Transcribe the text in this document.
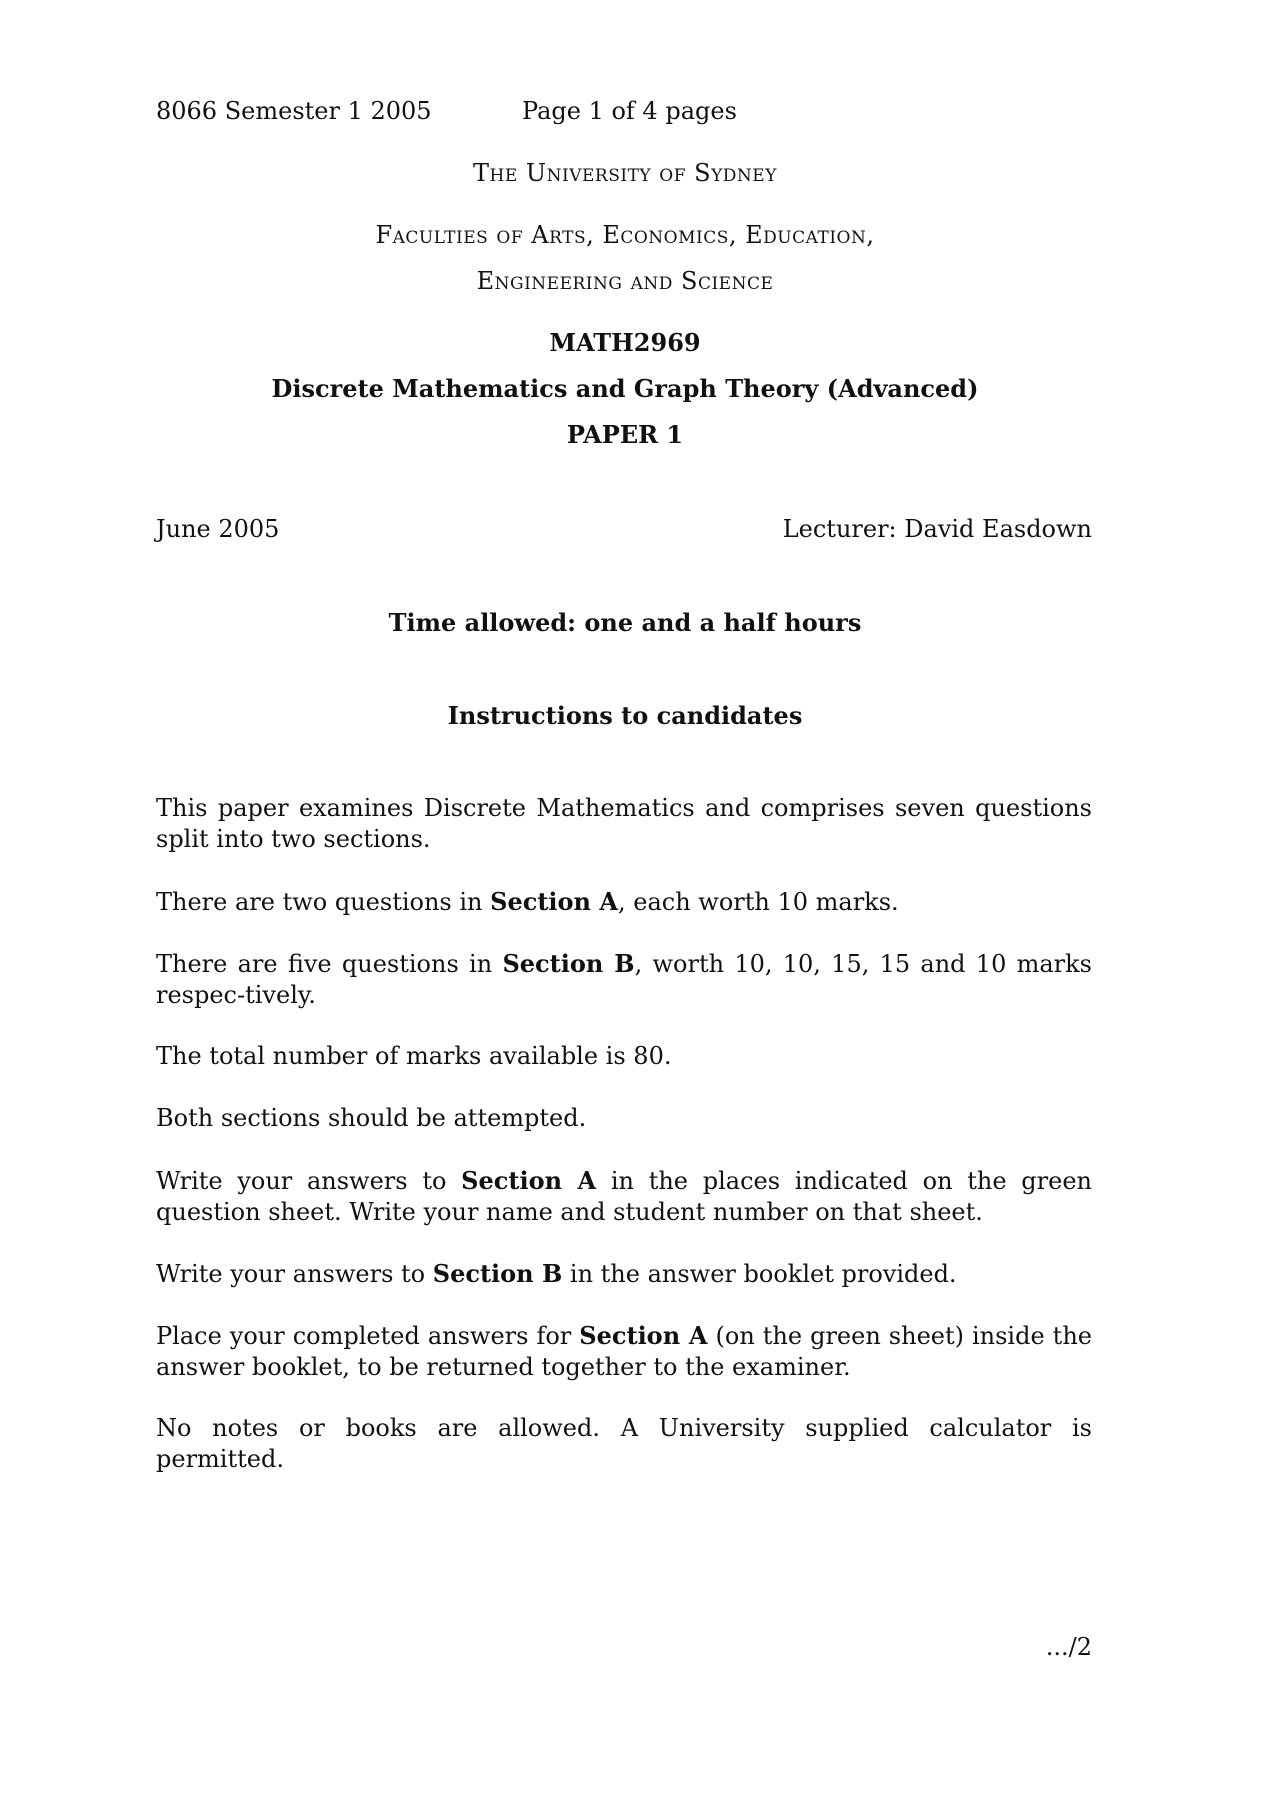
8066 Semester 1 2005	Page 1 of 4 pages
The University of Sydney
Faculties of Arts, Economics, Education,
Engineering and Science
MATH2969
Discrete Mathematics and Graph Theory (Advanced)
PAPER 1
June 2005	Lecturer: David Easdown
Time allowed: one and a half hours
Instructions to candidates

This paper examines Discrete Mathematics and comprises seven questions split into two sections.

There are two questions in Section A, each worth 10 marks.

There are five questions in Section B, worth 10, 10, 15, 15 and 10 marks respec-tively.

The total number of marks available is 80.

Both sections should be attempted.

Write your answers to Section A in the places indicated on the green question sheet. Write your name and student number on that sheet.

Write your answers to Section B in the answer booklet provided.

Place your completed answers for Section A (on the green sheet) inside the answer booklet, to be returned together to the examiner.

No notes or books are allowed. A University supplied calculator is permitted.

.../2
